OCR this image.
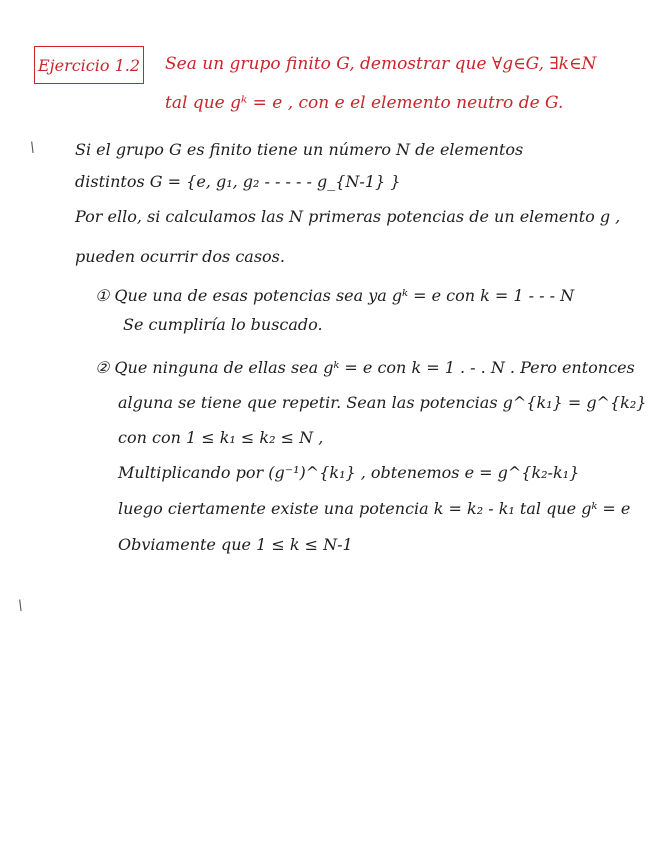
Ejercicio 1.2 Sea un grupo finito G, demostrar que ∀g∈G, ∃k∈N
tal que gᵏ = e , con e el elemento neutro de G.
\	Si el grupo G es finito tiene un número N de elementos
distintos G = {e, g₁, g₂ - - - - - g_{N-1} }
Por ello, si calculamos las N primeras potencias de un elemento g ,
pueden ocurrir dos casos.
① Que una de esas potencias sea ya gᵏ = e con k = 1 - - - N
Se cumpliría lo buscado.
② Que ninguna de ellas sea gᵏ = e con k = 1 . - . N . Pero entonces
alguna se tiene que repetir. Sean las potencias g^{k₁} = g^{k₂}
con con 1 ≤ k₁ ≤ k₂ ≤ N ,
Multiplicando por (g⁻¹)^{k₁} , obtenemos e = g^{k₂-k₁}
luego ciertamente existe una potencia k = k₂ - k₁ tal que gᵏ = e
Obviamente que 1 ≤ k ≤ N-1
\
